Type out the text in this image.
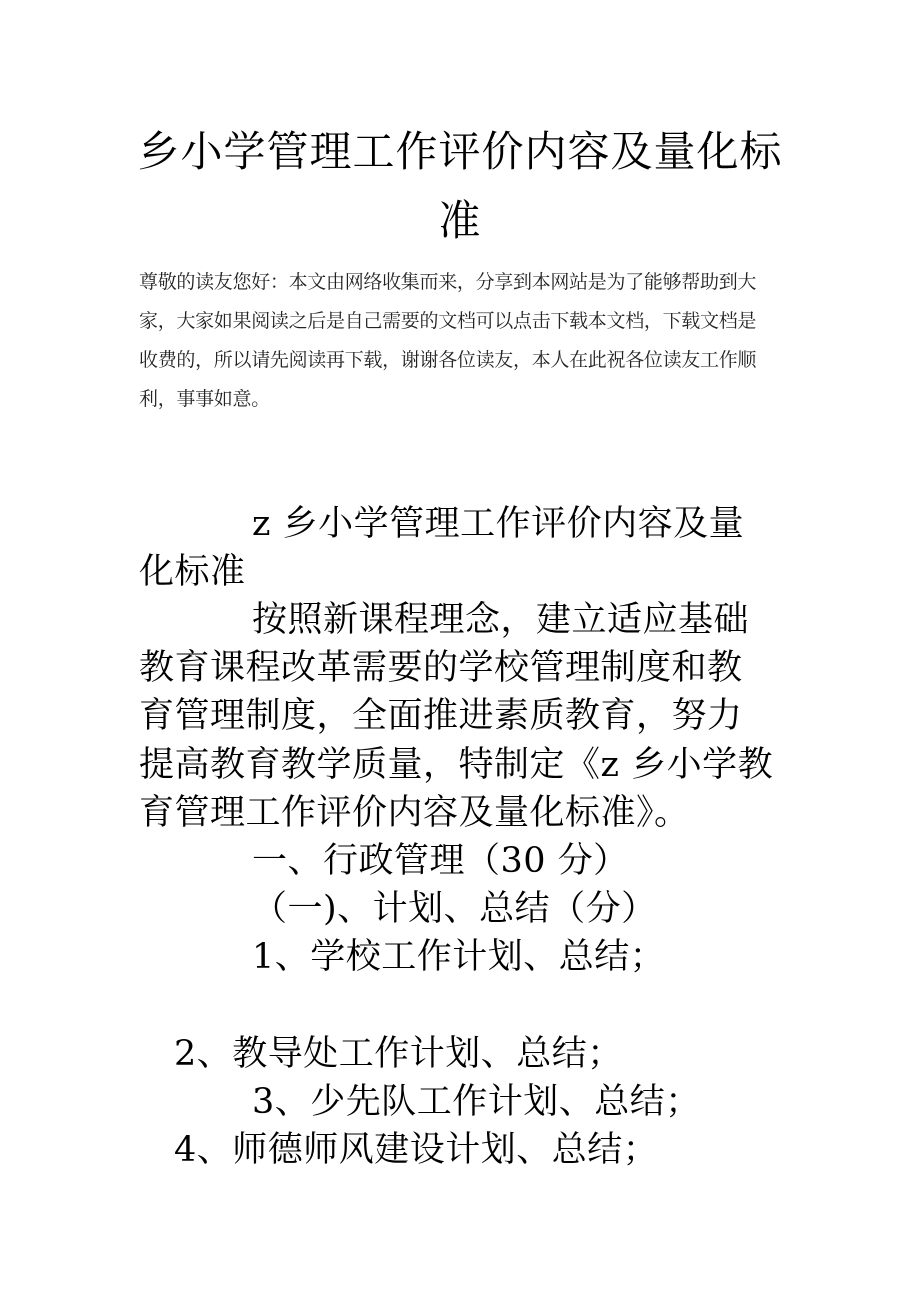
乡小学管理工作评价内容及量化标
准
尊敬的读友您好：本文由网络收集而来，分享到本网站是为了能够帮助到大
家，大家如果阅读之后是自己需要的文档可以点击下载本文档，下载文档是
收费的，所以请先阅读再下载，谢谢各位读友，本人在此祝各位读友工作顺
利，事事如意。
z 乡小学管理工作评价内容及量
化标准
按照新课程理念，建立适应基础
教育课程改革需要的学校管理制度和教
育管理制度，全面推进素质教育，努力
提高教育教学质量，特制定《z 乡小学教
育管理工作评价内容及量化标准》。
一、行政管理（30 分）
（一)、计划、总结（分）
1、学校工作计划、总结；
2、教导处工作计划、总结；
3、少先队工作计划、总结；
4、师德师风建设计划、总结；
